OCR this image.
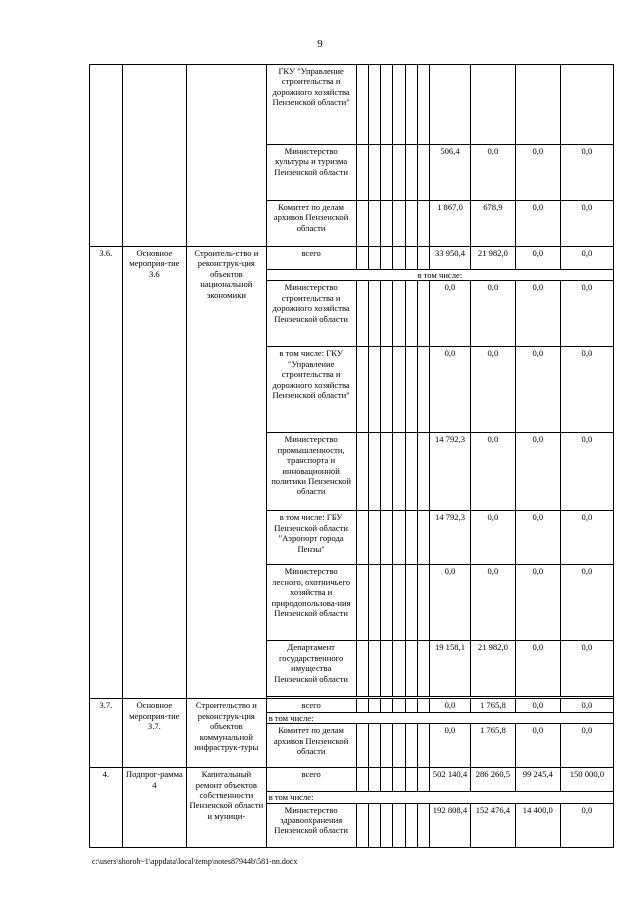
9
			ГКУ "Управление строительства и дорожного хозяйства Пензенской области"										
			Министерство культуры и туризма Пензенской области							506,4	0,0	0,0	0,0
			Комитет по делам архивов Пензенской области							1 867,0	678,9	0,0	0,0
3.6.	Основное мероприя-тие 3.6	Строитель-ство и реконструк-ция объектов национальной экономики	всего							33 950,4	21 982,0	0,0	0,0
			в том числе:										
			Министерство строительства и дорожного хозяйства Пензенской области							0,0	0,0	0,0	0,0
			в том числе: ГКУ "Управление строительства и дорожного хозяйства Пензенской области"							0,0	0,0	0,0	0,0
			Министерство промышленности, транспорта и инновационной политики Пензенской области							14 792,3	0,0	0,0	0,0
			в том числе: ГБУ Пензенской области "Аэропорт города Пензы"							14 792,3	0,0	0,0	0,0
			Министерство лесного, охотничьего хозяйства и природопользова-ния Пензенской области							0,0	0,0	0,0	0,0
			Департамент государственного имущества Пензенской области							19 158,1	21 982,0	0,0	0,0

3.7.	Основное мероприя-тие 3.7.	Строительство и реконструк-ция объектов коммунальной инфраструк-туры	всего							0,0	1 765,8	0,0	0,0
			в том числе:										
			Комитет по делам архивов Пензенской области							0,0	1 765,8	0,0	0,0
4.	Подпрог-рамма 4	Капитальный ремонт объектов собственности Пензенской области и муници-	всего							502 140,4	286 260,5	99 245,4	150 000,0
			в том числе:										
			Министерство здравоохранения Пензенской области							192 808,4	152 476,4	14 400,0	0,0
c:\users\shoroh~1\appdata\local\temp\notes87944b\581-nn.docx
